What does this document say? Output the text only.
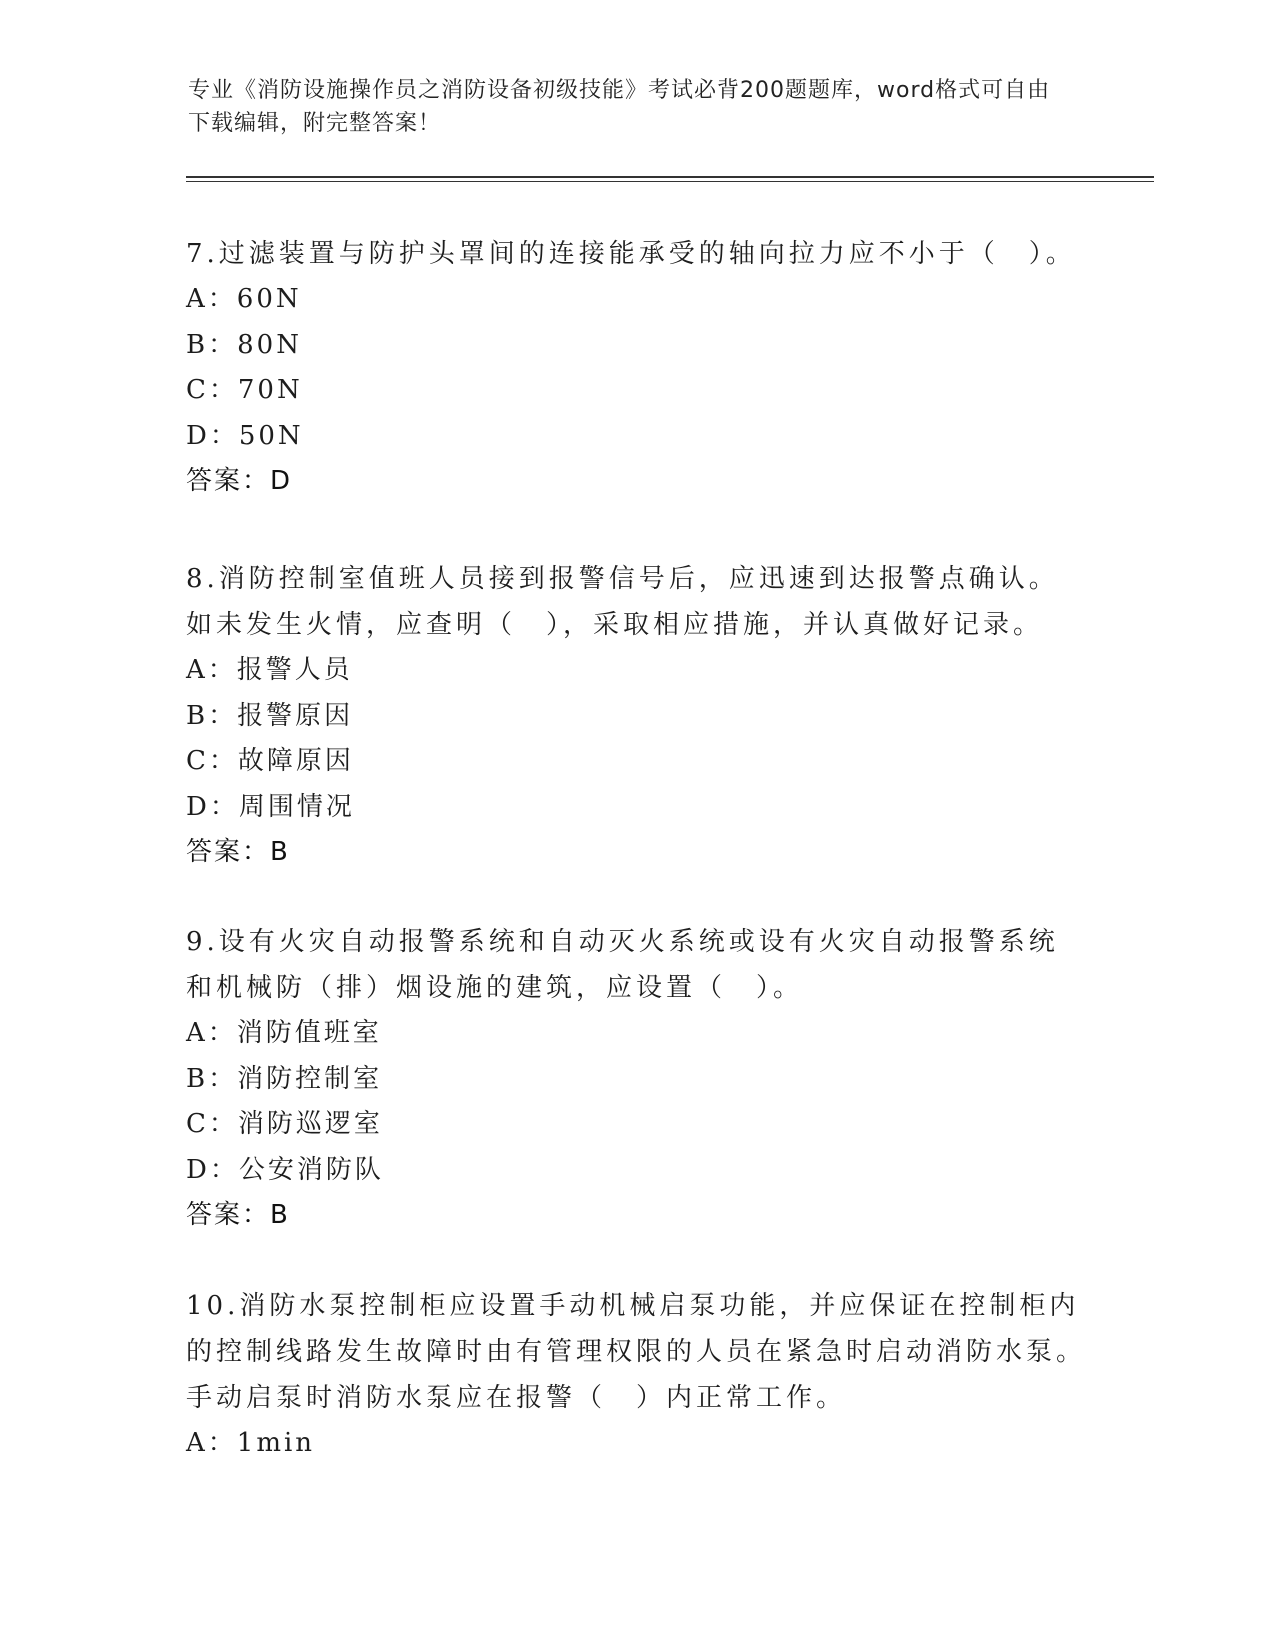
专业《消防设施操作员之消防设备初级技能》考试必背200题题库，word格式可自由下载编辑，附完整答案！
7.过滤装置与防护头罩间的连接能承受的轴向拉力应不小于（　）。
A：60N
B：80N
C：70N
D：50N
答案：D
8.消防控制室值班人员接到报警信号后，应迅速到达报警点确认。如未发生火情，应查明（　），采取相应措施，并认真做好记录。
A：报警人员
B：报警原因
C：故障原因
D：周围情况
答案：B
9.设有火灾自动报警系统和自动灭火系统或设有火灾自动报警系统和机械防（排）烟设施的建筑，应设置（　）。
A：消防值班室
B：消防控制室
C：消防巡逻室
D：公安消防队
答案：B
10.消防水泵控制柜应设置手动机械启泵功能，并应保证在控制柜内的控制线路发生故障时由有管理权限的人员在紧急时启动消防水泵。手动启泵时消防水泵应在报警（　）内正常工作。
A：1min
